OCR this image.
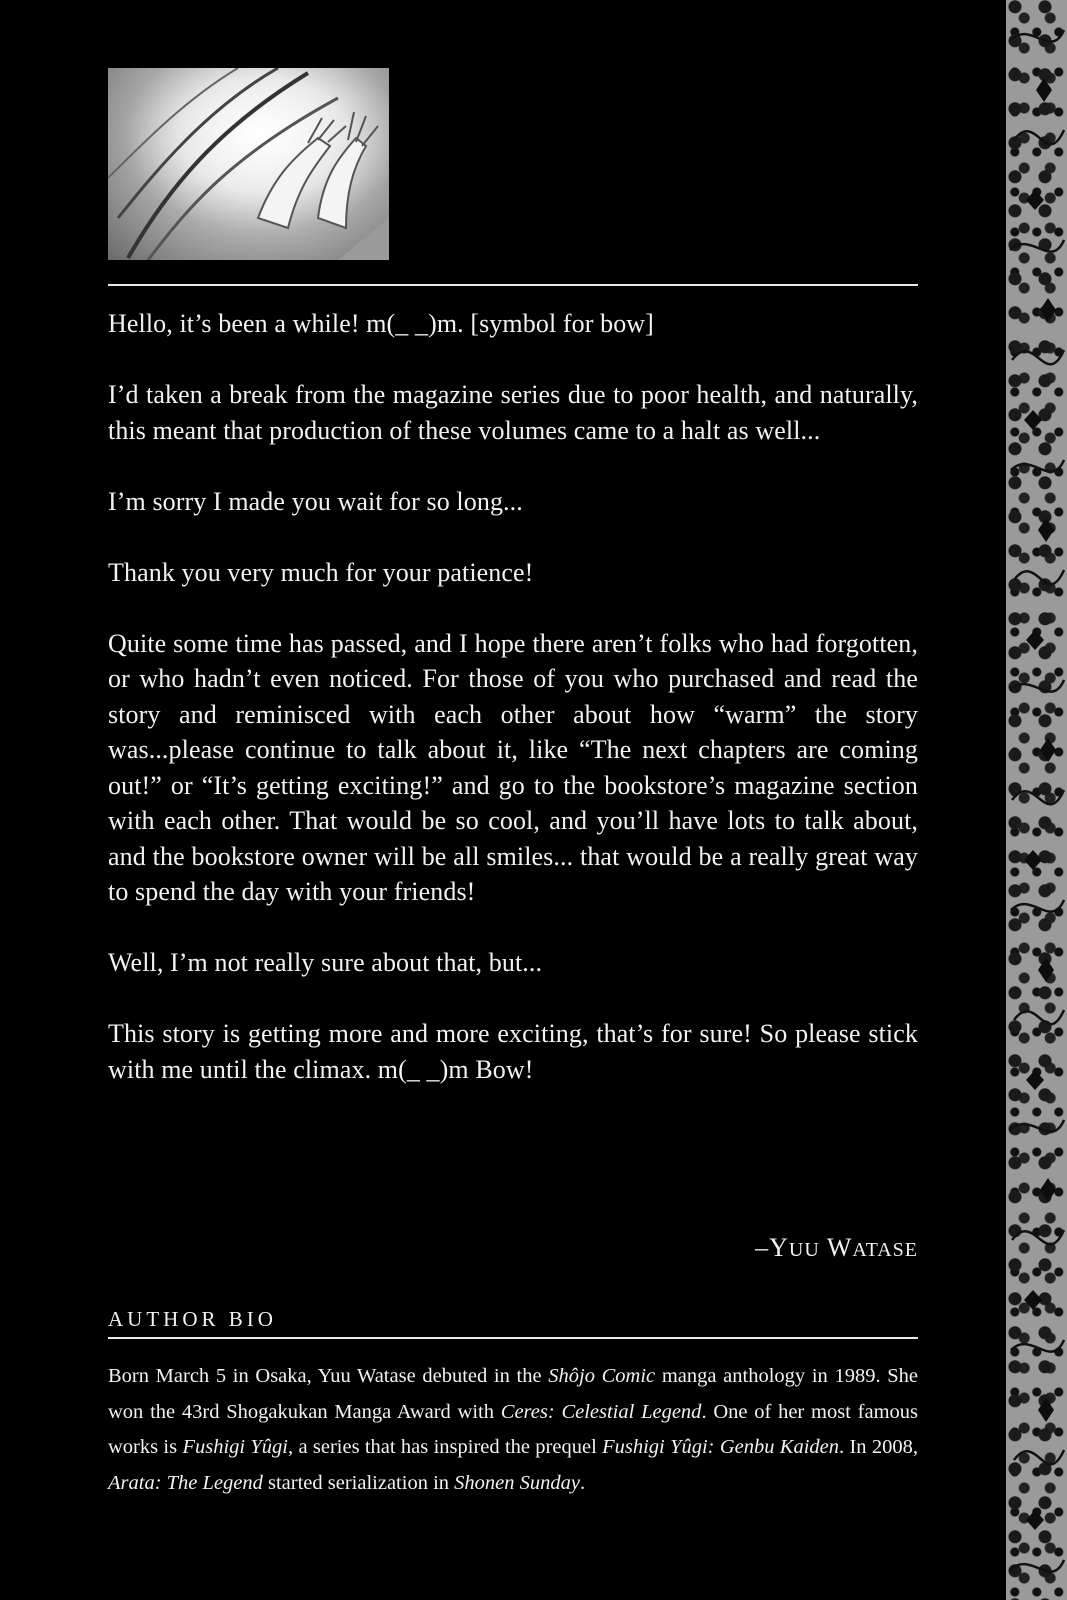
Hello, it’s been a while! m(_ _)m. [symbol for bow]

I’d taken a break from the magazine series due to poor health, and naturally, this meant that production of these volumes came to a halt as well...

I’m sorry I made you wait for so long...

Thank you very much for your patience!

Quite some time has passed, and I hope there aren’t folks who had forgotten, or who hadn’t even noticed. For those of you who purchased and read the story and reminisced with each other about how “warm” the story was...please continue to talk about it, like “The next chapters are coming out!” or “It’s getting exciting!” and go to the bookstore’s magazine section with each other. That would be so cool, and you’ll have lots to talk about, and the bookstore owner will be all smiles... that would be a really great way to spend the day with your friends!

Well, I’m not really sure about that, but...

This story is getting more and more exciting, that’s for sure! So please stick with me until the climax. m(_ _)m Bow!

–YUU WATASE
AUTHOR BIO

Born March 5 in Osaka, Yuu Watase debuted in the Shôjo Comic manga anthology in 1989. She won the 43rd Shogakukan Manga Award with Ceres: Celestial Legend. One of her most famous works is Fushigi Yûgi, a series that has inspired the prequel Fushigi Yûgi: Genbu Kaiden. In 2008, Arata: The Legend started serialization in Shonen Sunday.
